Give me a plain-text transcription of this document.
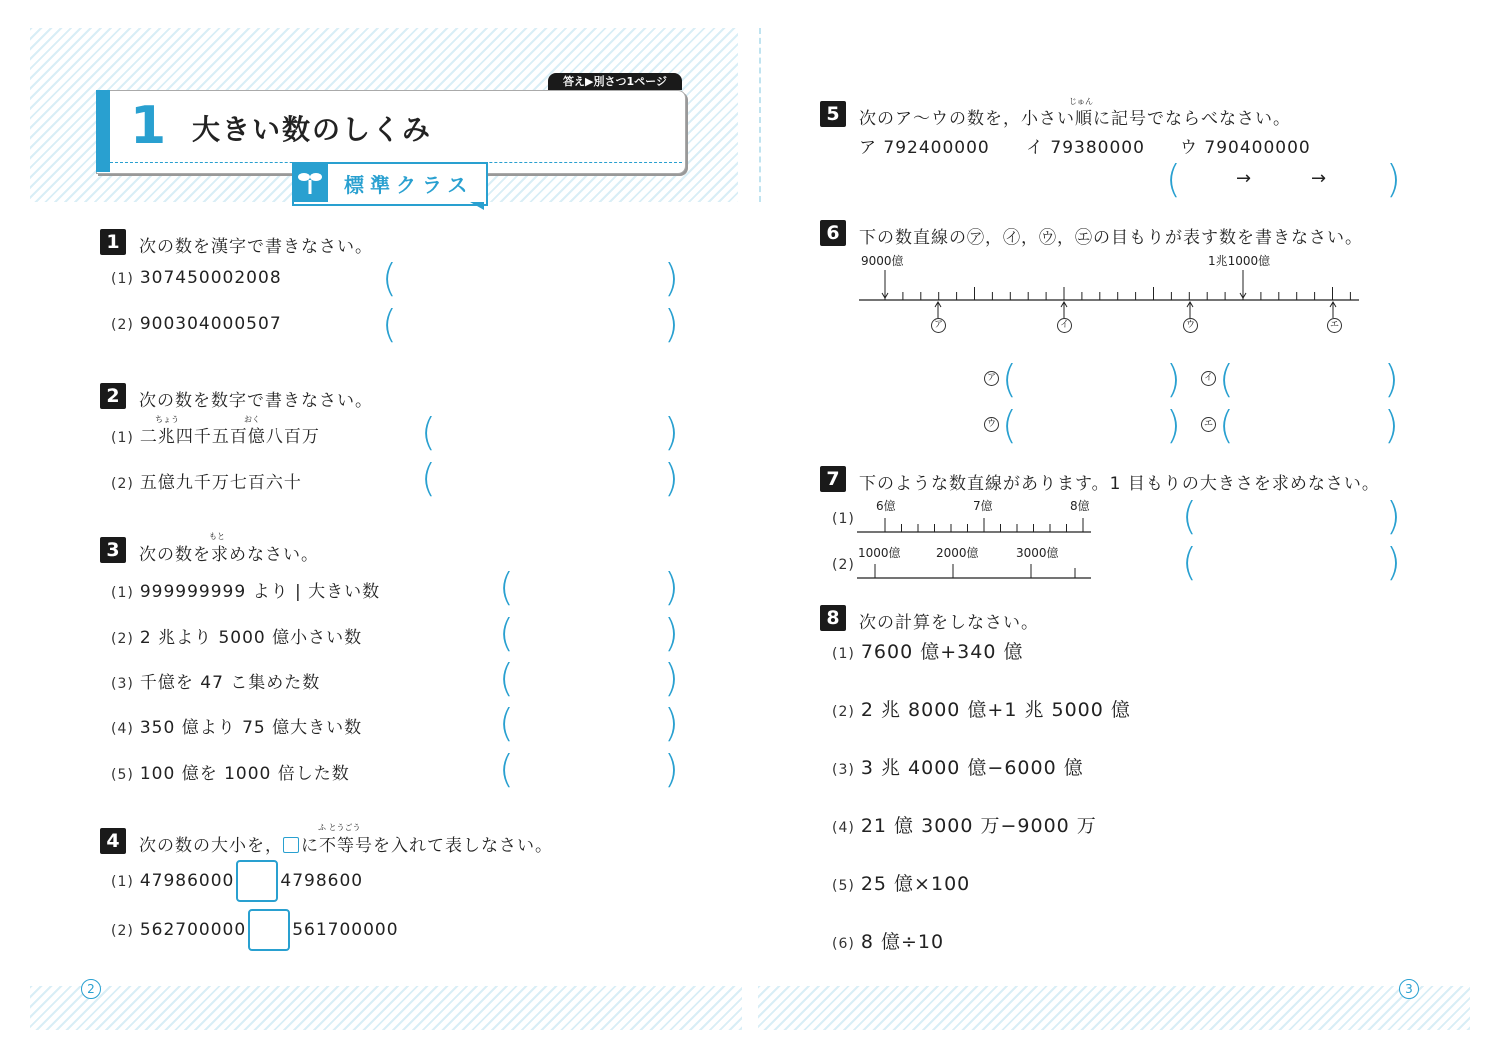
答え▶別さつ1ページ
1 大きい数のしくみ
標準クラス
1	次の数を漢字で書きなさい。
(1) 307450002008
(2) 900304000507
(	)
(	)
2	次の数を数字で書きなさい。
ちょう	おく
(1) 二兆四千五百億八百万
(2) 五億九千万七百六十
(	)
(	)
3
もと
次の数を求めなさい。
(1) 999999999 より | 大きい数
(2) 2 兆より 5000 億小さい数
(3) 千億を 47 こ集めた数
(4) 350 億より 75 億大きい数
(5) 100 億を 1000 倍した数
(	)
(	)
(	)
(	)
(	)
4
ふ とうごう
次の数の大小を， に不等号を入れて表しなさい。
(1) 47986000	4798600
(2) 562700000	561700000
5
じゅん
次のア〜ウの数を，小さい順に記号でならべなさい。
ア 792400000 イ 79380000 ウ 790400000
(	→	→ )
6	下の数直線の㋐，㋑，㋒，㋓の目もりが表す数を書きなさい。
9000億	1兆1000億
ア	イ	ウ	エ
ア (	)	イ (	)
ウ (	)	エ (	)
7	下のような数直線があります。1 目もりの大きさを求めなさい。
(1)
6億	7億	8億 (	)
(2)
1000億	2000億	3000億	(	)
8	次の計算をしなさい。
(1) 7600 億+340 億
(2) 2 兆 8000 億+1 兆 5000 億
(3) 3 兆 4000 億−6000 億
(4) 21 億 3000 万−9000 万
(5) 25 億×100
(6) 8 億÷10
2	3
